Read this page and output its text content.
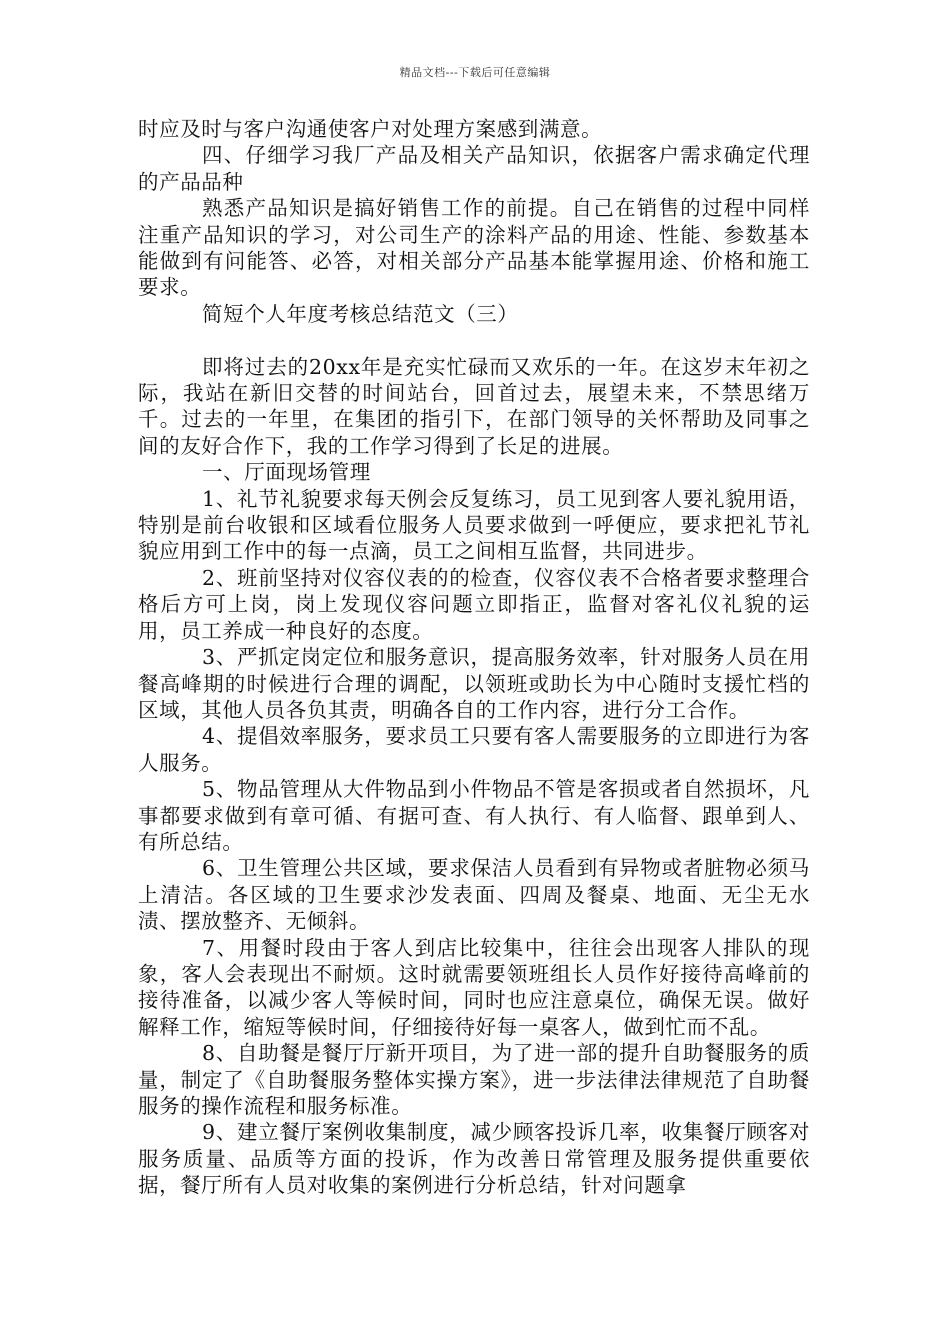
精品文档---下载后可任意编辑

时应及时与客户沟通使客户对处理方案感到满意。

四、仔细学习我厂产品及相关产品知识，依据客户需求确定代理的产品品种

熟悉产品知识是搞好销售工作的前提。自己在销售的过程中同样注重产品知识的学习，对公司生产的涂料产品的用途、性能、参数基本能做到有问能答、必答，对相关部分产品基本能掌握用途、价格和施工要求。

简短个人年度考核总结范文（三）

即将过去的20xx年是充实忙碌而又欢乐的一年。在这岁末年初之际，我站在新旧交替的时间站台，回首过去，展望未来，不禁思绪万千。过去的一年里，在集团的指引下，在部门领导的关怀帮助及同事之间的友好合作下，我的工作学习得到了长足的进展。

一、厅面现场管理

1、礼节礼貌要求每天例会反复练习，员工见到客人要礼貌用语，特别是前台收银和区域看位服务人员要求做到一呼便应，要求把礼节礼貌应用到工作中的每一点滴，员工之间相互监督，共同进步。

2、班前坚持对仪容仪表的的检查，仪容仪表不合格者要求整理合格后方可上岗，岗上发现仪容问题立即指正，监督对客礼仪礼貌的运用，员工养成一种良好的态度。

3、严抓定岗定位和服务意识，提高服务效率，针对服务人员在用餐高峰期的时候进行合理的调配，以领班或助长为中心随时支援忙档的区域，其他人员各负其责，明确各自的工作内容，进行分工合作。

4、提倡效率服务，要求员工只要有客人需要服务的立即进行为客人服务。

5、物品管理从大件物品到小件物品不管是客损或者自然损坏，凡事都要求做到有章可循、有据可查、有人执行、有人临督、跟单到人、有所总结。

6、卫生管理公共区域，要求保洁人员看到有异物或者脏物必须马上清洁。各区域的卫生要求沙发表面、四周及餐桌、地面、无尘无水渍、摆放整齐、无倾斜。

7、用餐时段由于客人到店比较集中，往往会出现客人排队的现象，客人会表现出不耐烦。这时就需要领班组长人员作好接待高峰前的接待准备，以减少客人等候时间，同时也应注意桌位，确保无误。做好解释工作，缩短等候时间，仔细接待好每一桌客人，做到忙而不乱。

8、自助餐是餐厅厅新开项目，为了进一部的提升自助餐服务的质量，制定了《自助餐服务整体实操方案》，进一步法律法律规范了自助餐服务的操作流程和服务标准。

9、建立餐厅案例收集制度，减少顾客投诉几率，收集餐厅顾客对服务质量、品质等方面的投诉，作为改善日常管理及服务提供重要依据，餐厅所有人员对收集的案例进行分析总结，针对问题拿
